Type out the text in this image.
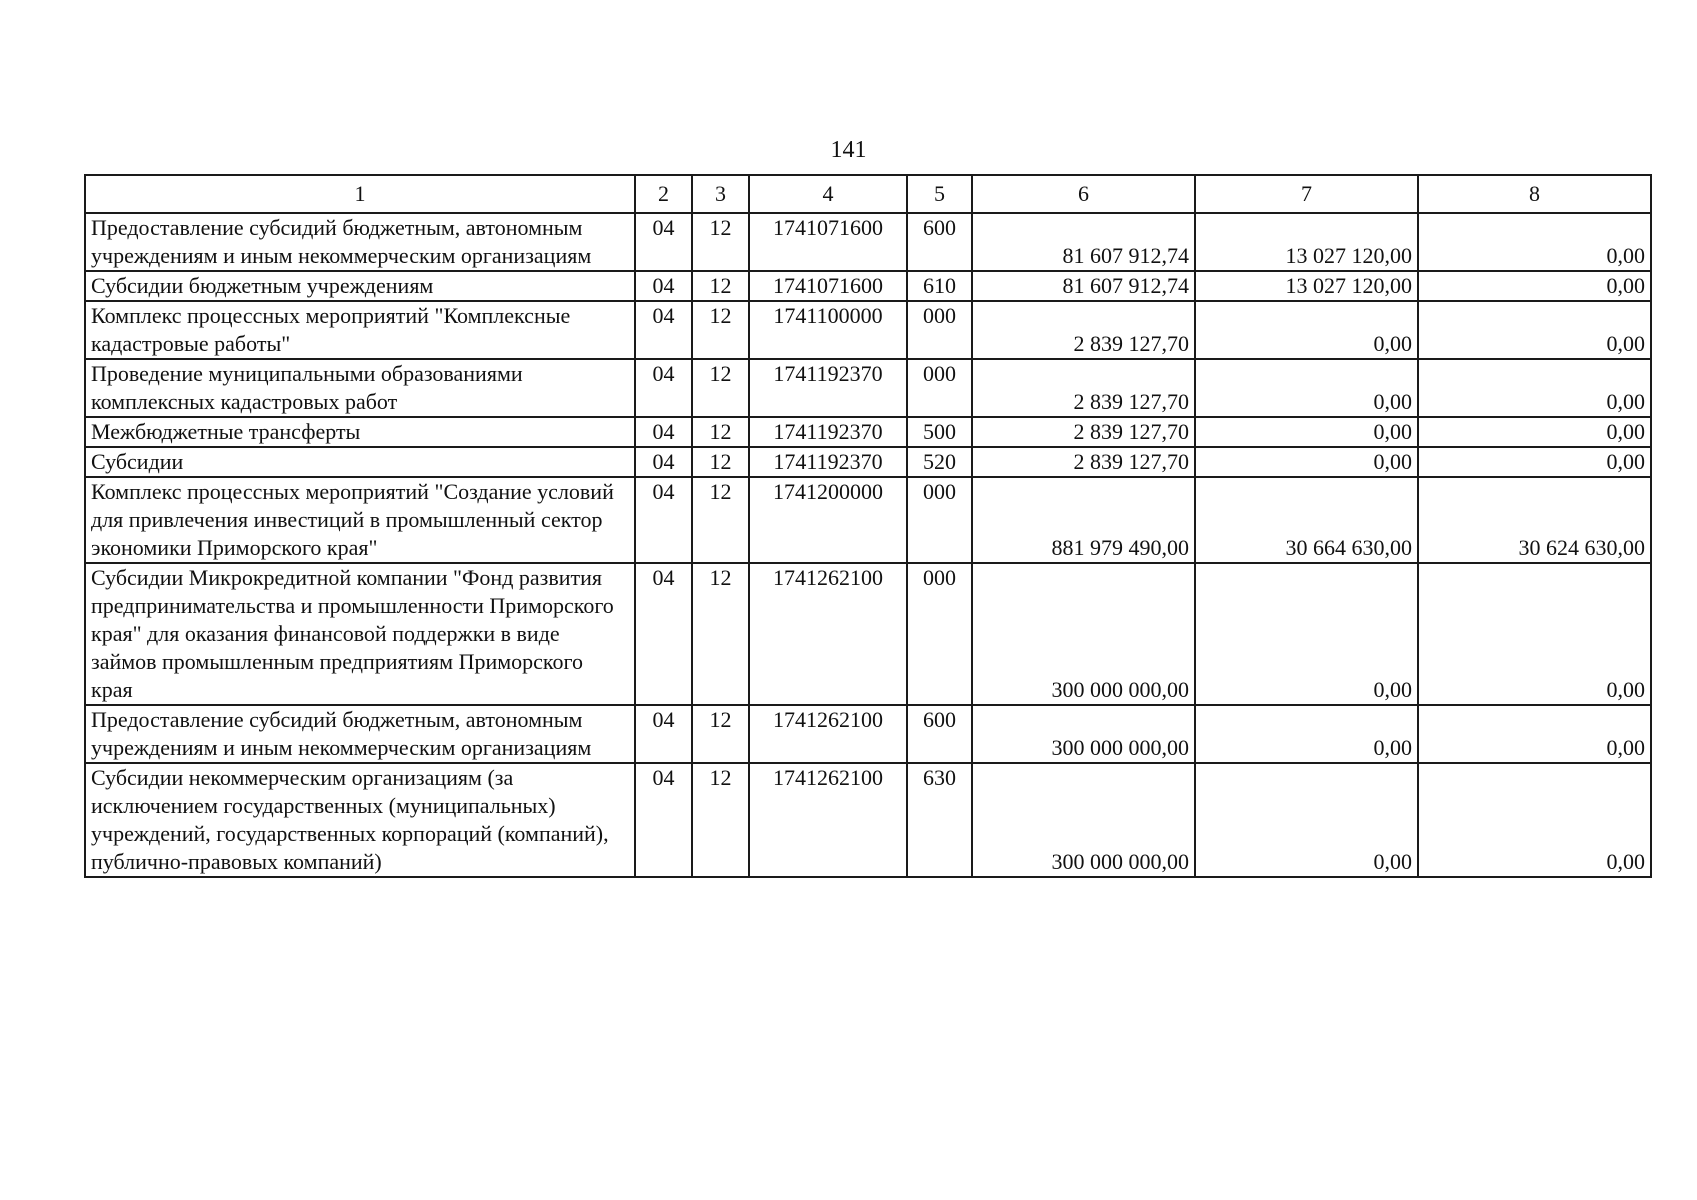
141
1	2	3	4	5	6	7	8
Предоставление субсидий бюджетным, автономным учреждениям и иным некоммерческим организациям	04	12	1741071600	600	81 607 912,74	13 027 120,00	0,00
Субсидии бюджетным учреждениям	04	12	1741071600	610	81 607 912,74	13 027 120,00	0,00
Комплекс процессных мероприятий "Комплексные кадастровые работы"	04	12	1741100000	000	2 839 127,70	0,00	0,00
Проведение муниципальными образованиями комплексных кадастровых работ	04	12	1741192370	000	2 839 127,70	0,00	0,00
Межбюджетные трансферты	04	12	1741192370	500	2 839 127,70	0,00	0,00
Субсидии	04	12	1741192370	520	2 839 127,70	0,00	0,00
Комплекс процессных мероприятий "Создание условий для привлечения инвестиций в промышленный сектор экономики Приморского края"	04	12	1741200000	000	881 979 490,00	30 664 630,00	30 624 630,00
Субсидии Микрокредитной компании "Фонд развития предпринимательства и промышленности Приморского края" для оказания финансовой поддержки в виде займов промышленным предприятиям Приморского края	04	12	1741262100	000	300 000 000,00	0,00	0,00
Предоставление субсидий бюджетным, автономным учреждениям и иным некоммерческим организациям	04	12	1741262100	600	300 000 000,00	0,00	0,00
Субсидии некоммерческим организациям (за исключением государственных (муниципальных) учреждений, государственных корпораций (компаний), публично-правовых компаний)	04	12	1741262100	630	300 000 000,00	0,00	0,00
